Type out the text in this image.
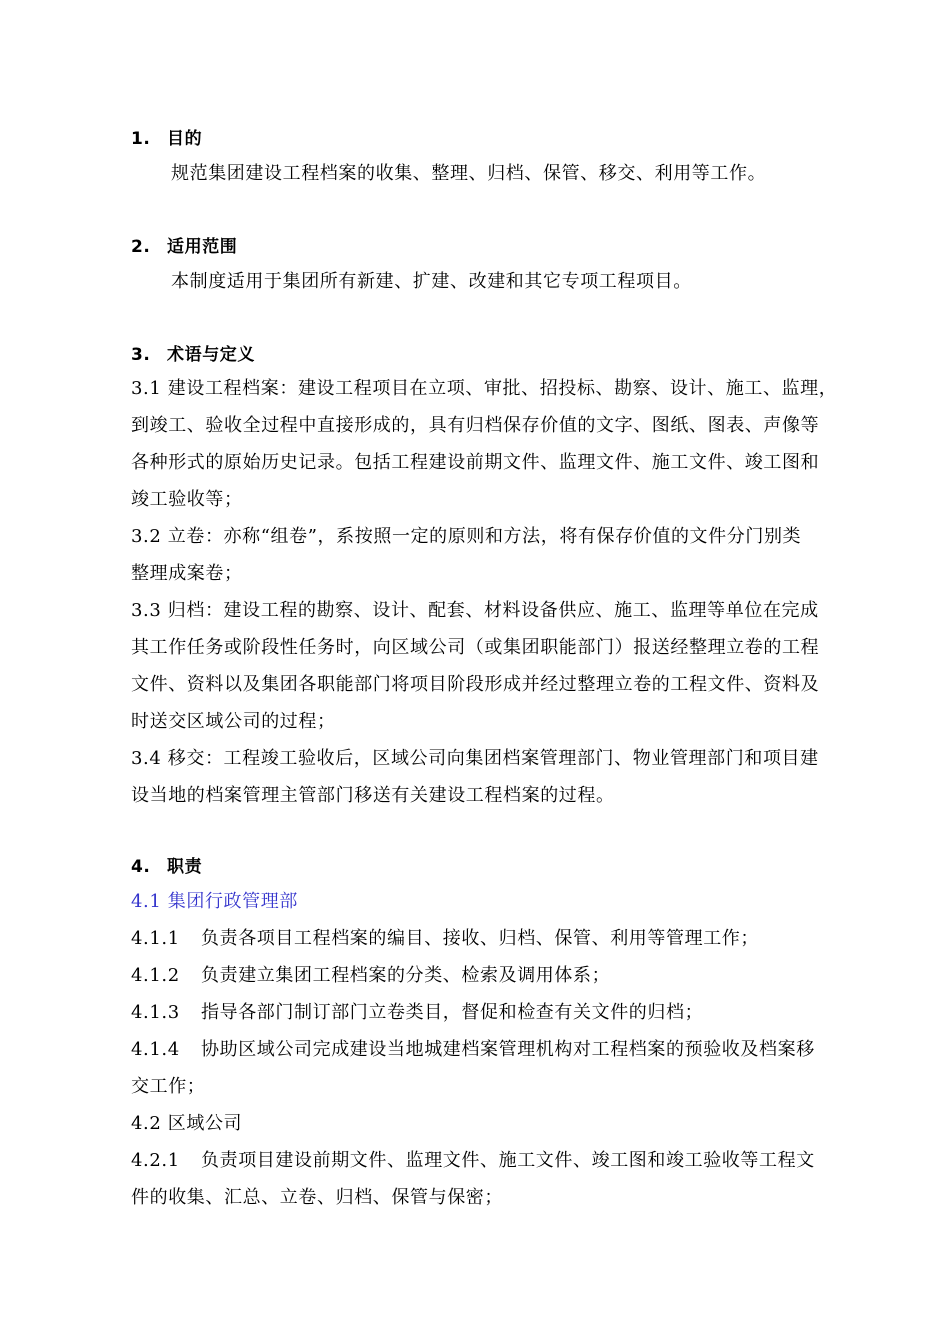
1. 目的
规范集团建设工程档案的收集、整理、归档、保管、移交、利用等工作。
2. 适用范围
本制度适用于集团所有新建、扩建、改建和其它专项工程项目。
3. 术语与定义
3.1 建设工程档案：建设工程项目在立项、审批、招投标、勘察、设计、施工、监理，
到竣工、验收全过程中直接形成的，具有归档保存价值的文字、图纸、图表、声像等
各种形式的原始历史记录。包括工程建设前期文件、监理文件、施工文件、竣工图和
竣工验收等；
3.2 立卷：亦称“组卷”，系按照一定的原则和方法，将有保存价值的文件分门别类
整理成案卷；
3.3 归档：建设工程的勘察、设计、配套、材料设备供应、施工、监理等单位在完成
其工作任务或阶段性任务时，向区域公司（或集团职能部门）报送经整理立卷的工程
文件、资料以及集团各职能部门将项目阶段形成并经过整理立卷的工程文件、资料及
时送交区域公司的过程；
3.4 移交：工程竣工验收后，区域公司向集团档案管理部门、物业管理部门和项目建
设当地的档案管理主管部门移送有关建设工程档案的过程。
4. 职责
4.1 集团行政管理部
4.1.1 负责各项目工程档案的编目、接收、归档、保管、利用等管理工作；
4.1.2 负责建立集团工程档案的分类、检索及调用体系；
4.1.3 指导各部门制订部门立卷类目，督促和检查有关文件的归档；
4.1.4 协助区域公司完成建设当地城建档案管理机构对工程档案的预验收及档案移
交工作；
4.2 区域公司
4.2.1 负责项目建设前期文件、监理文件、施工文件、竣工图和竣工验收等工程文
件的收集、汇总、立卷、归档、保管与保密；
